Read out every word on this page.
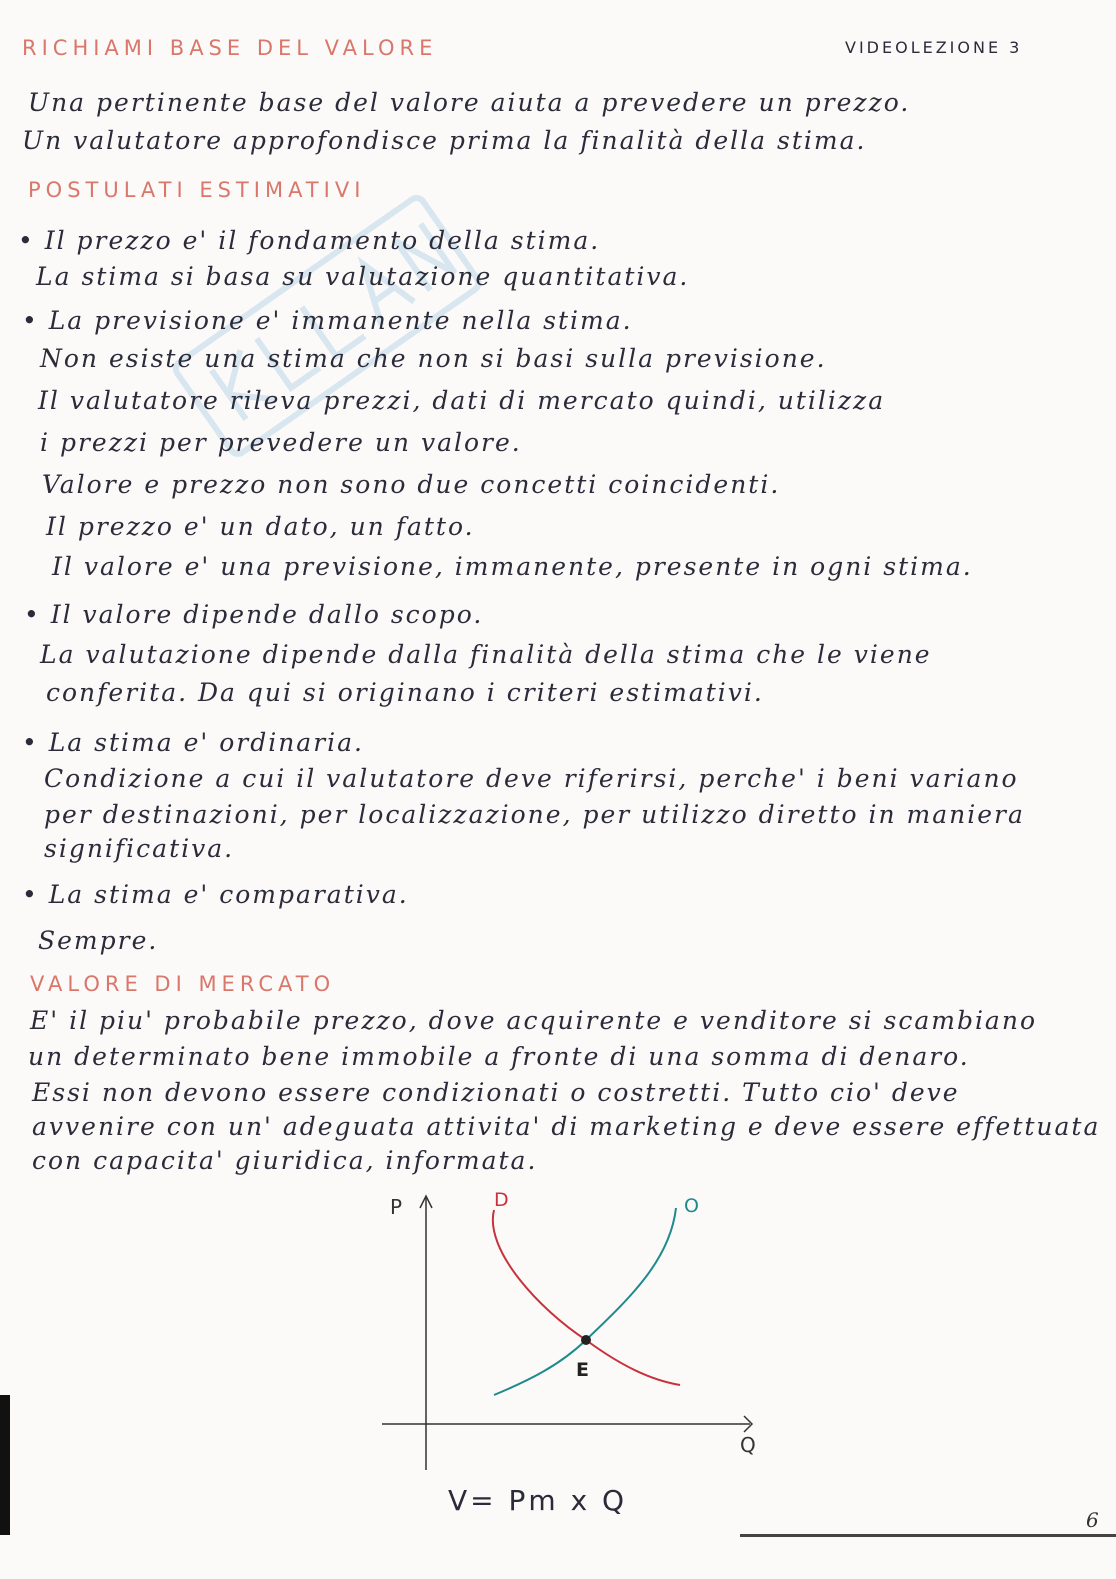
RICHIAMI BASE DEL VALORE	VIDEOLEZIONE 3
Una pertinente base del valore aiuta a prevedere un prezzo.
Un valutatore approfondisce prima la finalità della stima.
POSTULATI ESTIMATIVI
• Il prezzo e' il fondamento della stima.
La stima si basa su valutazione quantitativa.
• La previsione e' immanente nella stima.
Non esiste una stima che non si basi sulla previsione.
Il valutatore rileva prezzi, dati di mercato quindi, utilizza
i prezzi per prevedere un valore.
Valore e prezzo non sono due concetti coincidenti.
Il prezzo e' un dato, un fatto.
Il valore e' una previsione, immanente, presente in ogni stima.
• Il valore dipende dallo scopo.
La valutazione dipende dalla finalità della stima che le viene
conferita. Da qui si originano i criteri estimativi.
• La stima e' ordinaria.
Condizione a cui il valutatore deve riferirsi, perche' i beni variano
per destinazioni, per localizzazione, per utilizzo diretto in maniera
significativa.
• La stima e' comparativa.
Sempre.
VALORE DI MERCATO
E' il piu' probabile prezzo, dove acquirente e venditore si scambiano
un determinato bene immobile a fronte di una somma di denaro.
Essi non devono essere condizionati o costretti. Tutto cio' deve
avvenire con un' adeguata attivita' di marketing e deve essere effettuata
con capacita' giuridica, informata.
P
Q
D	O
E
V= Pm x Q
6
